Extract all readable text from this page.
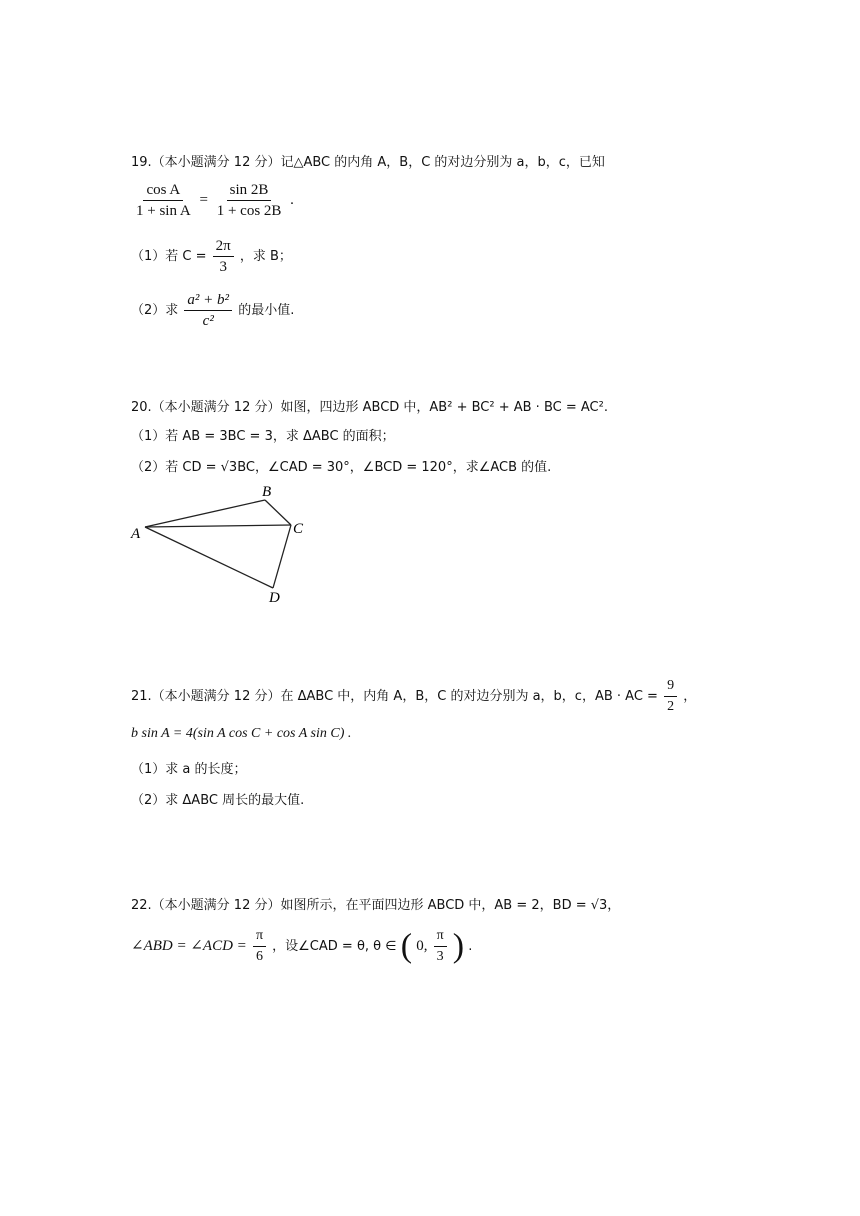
19.（本小题满分 12 分）记△ABC 的内角 A，B，C 的对边分别为 a，b，c，已知
$\frac{\text{cos A}}{\text{1 + sin A}} = \frac{\sin 2B}{1 + \cos 2B}$ .
（1）若 $C = \frac{2\pi}{3}$ ，求 B；
（2）求 $\frac{\text{a² + b²}}{\text{c²}}$ 的最小值.
20.（本小题满分 12 分）如图，四边形 ABCD 中，AB² + BC² + AB · BC = AC².
（1）若 AB = 3BC = 3，求 ΔABC 的面积；
（2）若 CD = √3BC，∠CAD = 30°，∠BCD = 120°，求∠ACB 的值.
A
B
C
D
21.（本小题满分 12 分）在 ΔABC 中，内角 A，B，C 的对边分别为 a，b，c，AB · AC = $\frac{9}{2}$ ，
b sin A = 4(sin A cos C + cos A sin C) .
（1）求 a 的长度；
（2）求 ΔABC 周长的最大值.
22.（本小题满分 12 分）如图所示，在平面四边形 ABCD 中，AB = 2，BD = √3，
∠ABD = ∠ACD = $\frac{\pi}{6}$ ，设∠CAD = θ, θ ∈ ( 0, $\frac{\pi}{3}$ ) .
